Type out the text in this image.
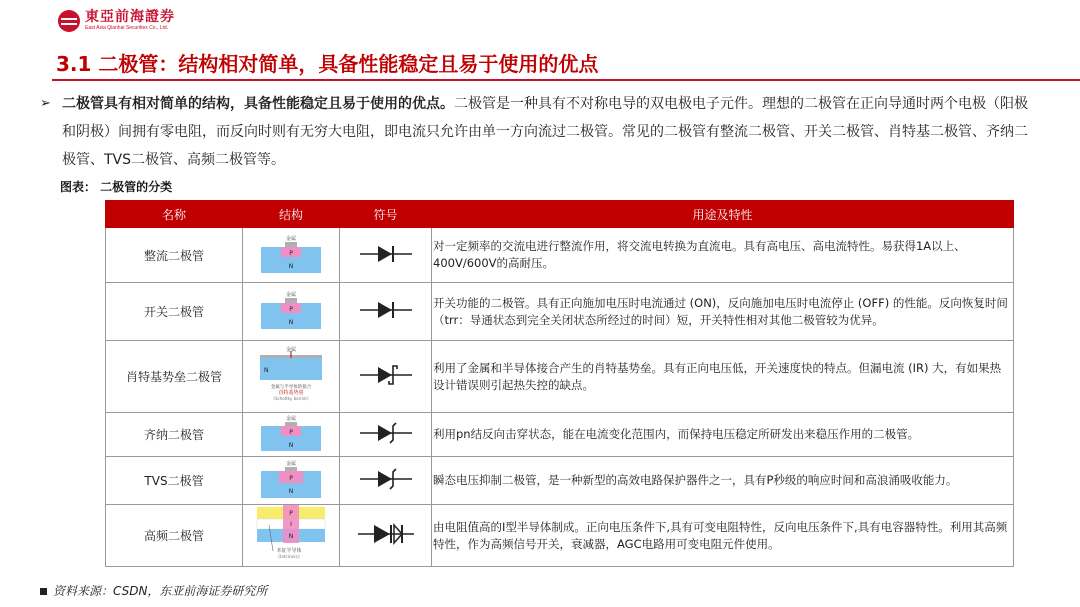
東亞前海證券
East Asia Qianhai Securities Co., Ltd.
3.1 二极管：结构相对简单，具备性能稳定且易于使用的优点
➢ 二极管具有相对简单的结构，具备性能稳定且易于使用的优点。二极管是一种具有不对称电导的双电极电子元件。理想的二极管在正向导通时两个电极（阳极和阴极）间拥有零电阻，而反向时则有无穷大电阻，即电流只允许由单一方向流过二极管。常见的二极管有整流二极管、开关二极管、肖特基二极管、齐纳二极管、TVS二极管、高频二极管等。
图表： 二极管的分类
名称	结构	符号	用途及特性
整流二极管	金属
P
N		对一定频率的交流电进行整流作用，将交流电转换为直流电。具有高电压、高电流特性。易获得1A以上、400V/600V的高耐压。
开关二极管	金属
P
N		开关功能的二极管。具有正向施加电压时电流通过 (ON)，反向施加电压时电流停止 (OFF) 的性能。反向恢复时间（trr：导通状态到完全关闭状态所经过的时间）短，开关特性相对其他二极管较为优异。
肖特基势垒二极管	金属
N
金属与半导体的接合
肖特基势垒
(Schottky barrier)		利用了金属和半导体接合产生的肖特基势垒。具有正向电压低，开关速度快的特点。但漏电流 (IR) 大，有如果热设计错误则引起热失控的缺点。
齐纳二极管	金属
P
N		利用pn结反向击穿状态，能在电流变化范围内，而保持电压稳定所研发出来稳压作用的二极管。
TVS二极管	金属
P
N		瞬态电压抑制二极管，是一种新型的高效电路保护器件之一，具有P秒级的响应时间和高浪涌吸收能力。
高频二极管	P
I
N
本征半导体
(Intrinsic)		由电阻值高的I型半导体制成。正向电压条件下,具有可变电阻特性，反向电压条件下,具有电容器特性。利用其高频特性，作为高频信号开关，衰减器，AGC电路用可变电阻元件使用。
资料来源：CSDN，东亚前海证券研究所
